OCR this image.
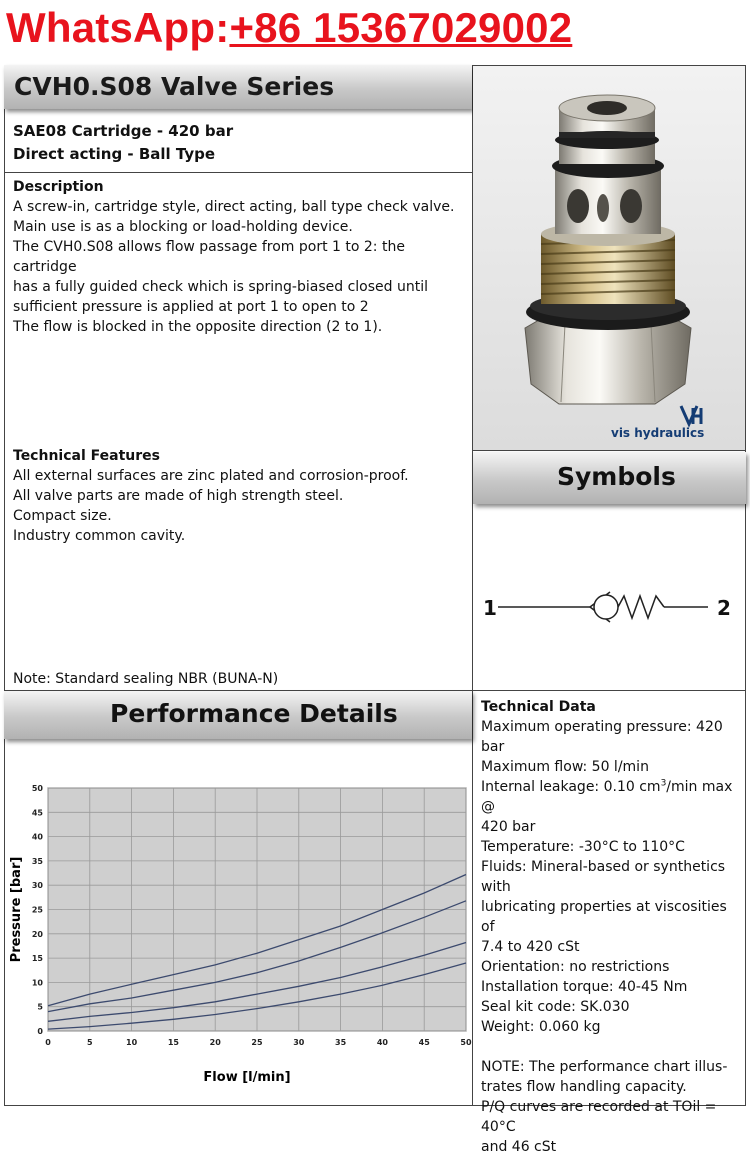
WhatsApp:+86 15367029002
CVH0.S08 Valve Series
SAE08 Cartridge - 420 bar
Direct acting - Ball Type
Description
A screw-in, cartridge style, direct acting, ball type check valve.
Main use is as a blocking or load-holding device.
The CVH0.S08 allows flow passage from port 1 to 2: the cartridge
has a fully guided check which is spring-biased closed until
sufficient pressure is applied at port 1 to open to 2
The flow is blocked in the opposite direction (2 to 1).
Technical Features
All external surfaces are zinc plated and corrosion-proof.
All valve parts are made of high strength steel.
Compact size.
Industry common cavity.
Note: Standard sealing NBR (BUNA-N)
vis hydraulics
Symbols
1	2
Performance Details	Technical Data
Maximum operating pressure: 420 bar
Maximum flow: 50 l/min
Internal leakage: 0.10 $cm^3/\min$ max @
420 bar
Temperature: -30°C to 110°C
Fluids: Mineral-based or synthetics
with
lubricating properties at viscosities of
7.4 to 420 cSt
Orientation: no restrictions
Installation torque: 40-45 Nm
Seal kit code: SK.030
Weight: 0.060 kg
NOTE: The performance chart illus-
trates flow handling capacity.
P/Q curves are recorded at TOil = 40°C
and 46 cSt
0	5	10	15	20	25	30	35	40	45	50
0
5
10
15
20
25
30
35
40
45
50
Flow [l/min]
Pressure [bar]
